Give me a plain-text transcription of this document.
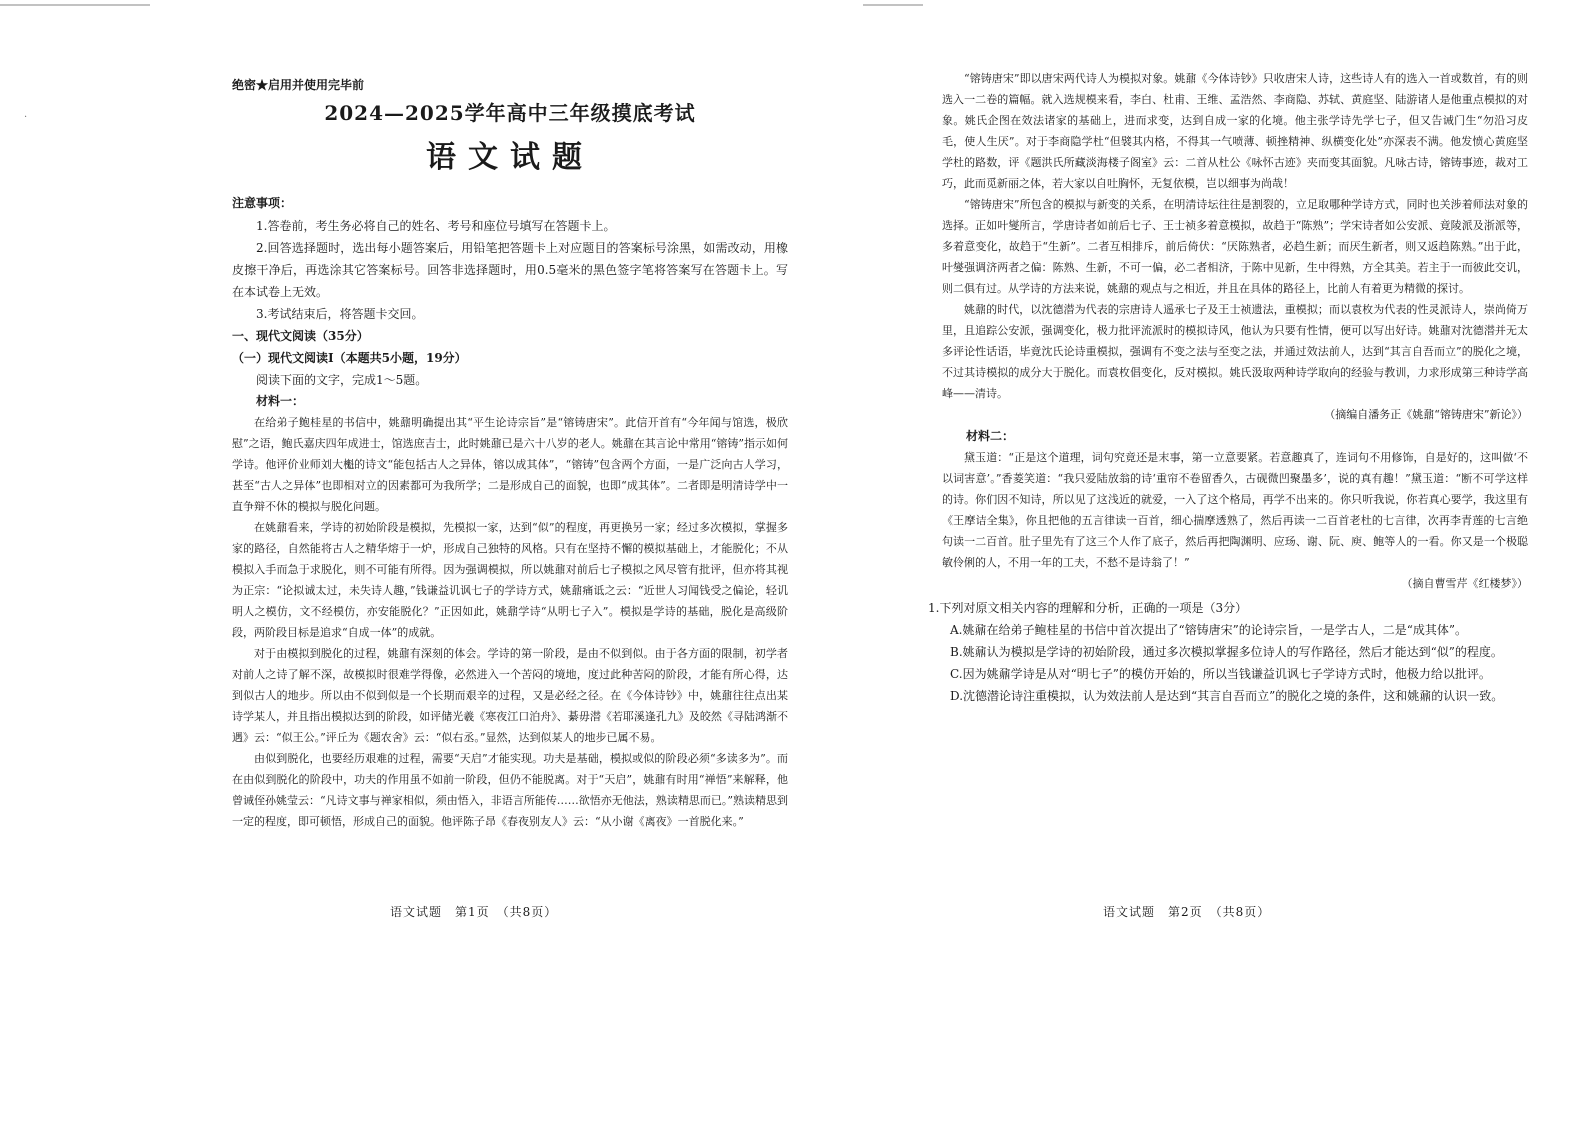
·

绝密★启用并使用完毕前

2024—2025学年高中三年级摸底考试
语文试题

注意事项：

1.答卷前，考生务必将自己的姓名、考号和座位号填写在答题卡上。

2.回答选择题时，选出每小题答案后，用铅笔把答题卡上对应题目的答案标号涂黑，如需改动，用橡皮擦干净后，再选涂其它答案标号。回答非选择题时，用0.5毫米的黑色签字笔将答案写在答题卡上。写在本试卷上无效。

3.考试结束后，将答题卡交回。

一、现代文阅读（35分）

（一）现代文阅读Ⅰ（本题共5小题，19分）

阅读下面的文字，完成1～5题。

材料一：

在给弟子鲍桂星的书信中，姚鼐明确提出其“平生论诗宗旨”是“镕铸唐宋”。此信开首有“今年闻与馆选，极欣慰”之语，鲍氏嘉庆四年成进士，馆选庶吉士，此时姚鼐已是六十八岁的老人。姚鼐在其言论中常用“镕铸”指示如何学诗。他评价业师刘大櫆的诗文“能包括古人之异体，镕以成其体”，“镕铸”包含两个方面，一是广泛向古人学习，甚至“古人之异体”也即相对立的因素都可为我所学；二是形成自己的面貌，也即“成其体”。二者即是明清诗学中一直争辩不休的模拟与脱化问题。

在姚鼐看来，学诗的初始阶段是模拟，先模拟一家，达到“似”的程度，再更换另一家；经过多次模拟，掌握多家的路径，自然能将古人之精华熔于一炉，形成自己独特的风格。只有在坚持不懈的模拟基础上，才能脱化；不从模拟入手而急于求脱化，则不可能有所得。因为强调模拟，所以姚鼐对前后七子模拟之风尽管有批评，但亦将其视为正宗：“论拟诚太过，未失诗人趣，”钱谦益讥讽七子的学诗方式，姚鼐痛诋之云：“近世人习闻钱受之偏论，轻讥明人之模仿，文不经模仿，亦安能脱化？”正因如此，姚鼐学诗“从明七子入”。模拟是学诗的基础，脱化是高级阶段，两阶段目标是追求“自成一体”的成就。

对于由模拟到脱化的过程，姚鼐有深刻的体会。学诗的第一阶段，是由不似到似。由于各方面的限制，初学者对前人之诗了解不深，故模拟时很难学得像，必然进入一个苦闷的境地，度过此种苦闷的阶段，才能有所心得，达到似古人的地步。所以由不似到似是一个长期而艰辛的过程，又是必经之径。在《今体诗钞》中，姚鼐往往点出某诗学某人，并且指出模拟达到的阶段，如评储光羲《寒夜江口泊舟》、綦毋潜《若耶溪逢孔九》及皎然《寻陆鸿渐不遇》云：“似王公。”评丘为《题农舍》云：“似右丞。”显然，达到似某人的地步已属不易。

由似到脱化，也要经历艰难的过程，需要“天启”才能实现。功夫是基础，模拟或似的阶段必须“多读多为”。而在由似到脱化的阶段中，功夫的作用虽不如前一阶段，但仍不能脱离。对于“天启”，姚鼐有时用“禅悟”来解释，他曾诫侄孙姚莹云：“凡诗文事与禅家相似，须由悟入，非语言所能传……欲悟亦无他法，熟读精思而已。”熟读精思到一定的程度，即可顿悟，形成自己的面貌。他评陈子昂《春夜别友人》云：“从小谢《离夜》一首脱化来。”

语文试题　第1页　（共8页）

“镕铸唐宋”即以唐宋两代诗人为模拟对象。姚鼐《今体诗钞》只收唐宋人诗，这些诗人有的选入一首或数首，有的则选入一二卷的篇幅。就入选规模来看，李白、杜甫、王维、孟浩然、李商隐、苏轼、黄庭坚、陆游诸人是他重点模拟的对象。姚氏企图在效法诸家的基础上，进而求变，达到自成一家的化境。他主张学诗先学七子，但又告诫门生“勿沿习皮毛，使人生厌”。对于李商隐学杜“但襞其内格，不得其一气喷薄、顿挫精神、纵横变化处”亦深表不满。他发愤心黄庭坚学杜的路数，评《题洪氏所藏淡海楼子阁室》云：二首从杜公《咏怀古迹》夹而变其面貌。凡咏古诗，镕铸事迹，裁对工巧，此而觅新丽之体，若大家以自吐胸怀，无复依模，岂以细事为尚哉！

“镕铸唐宋”所包含的模拟与新变的关系，在明清诗坛往往是割裂的，立足取哪种学诗方式，同时也关涉着师法对象的选择。正如叶燮所言，学唐诗者如前后七子、王士祯多着意模拟，故趋于“陈熟”；学宋诗者如公安派、竟陵派及浙派等，多着意变化，故趋于“生新”。二者互相排斥，前后倚伏：“厌陈熟者，必趋生新；而厌生新者，则又返趋陈熟。”出于此，叶燮强调济两者之偏：陈熟、生新，不可一偏，必二者相济，于陈中见新，生中得熟，方全其美。若主于一而彼此交讥，则二俱有过。从学诗的方法来说，姚鼐的观点与之相近，并且在具体的路径上，比前人有着更为精微的探讨。

姚鼐的时代，以沈德潜为代表的宗唐诗人遥承七子及王士祯遗法，重模拟；而以袁枚为代表的性灵派诗人，崇尚倚万里，且追踪公安派，强调变化，极力批评流派时的模拟诗风，他认为只要有性情，便可以写出好诗。姚鼐对沈德潜并无太多评论性话语，毕竟沈氏论诗重模拟，强调有不变之法与至变之法，并通过效法前人，达到“其言自吾而立”的脱化之境，不过其诗模拟的成分大于脱化。而袁枚倡变化，反对模拟。姚氏汲取两种诗学取向的经验与教训，力求形成第三种诗学高峰——清诗。

（摘编自潘务正《姚鼐“镕铸唐宋”新论》）

材料二：

黛玉道：“正是这个道理，词句究竟还是末事，第一立意要紧。若意趣真了，连词句不用修饰，自是好的，这叫做‘不以词害意’。”香菱笑道：“我只爱陆放翁的诗‘重帘不卷留香久，古砚微凹聚墨多’，说的真有趣！”黛玉道：“断不可学这样的诗。你们因不知诗，所以见了这浅近的就爱，一入了这个格局，再学不出来的。你只听我说，你若真心要学，我这里有《王摩诘全集》，你且把他的五言律读一百首，细心揣摩透熟了，然后再读一二百首老杜的七言律，次再李青莲的七言绝句读一二百首。肚子里先有了这三个人作了底子，然后再把陶渊明、应玚、谢、阮、庾、鲍等人的一看。你又是一个极聪敏伶俐的人，不用一年的工夫，不愁不是诗翁了！”

（摘自曹雪芹《红楼梦》）

1.下列对原文相关内容的理解和分析，正确的一项是（3分）

A.姚鼐在给弟子鲍桂星的书信中首次提出了“镕铸唐宋”的论诗宗旨，一是学古人，二是“成其体”。

B.姚鼐认为模拟是学诗的初始阶段，通过多次模拟掌握多位诗人的写作路径，然后才能达到“似”的程度。

C.因为姚鼐学诗是从对“明七子”的模仿开始的，所以当钱谦益讥讽七子学诗方式时，他极力给以批评。

D.沈德潜论诗注重模拟，认为效法前人是达到“其言自吾而立”的脱化之境的条件，这和姚鼐的认识一致。

语文试题　第2页　（共8页）
